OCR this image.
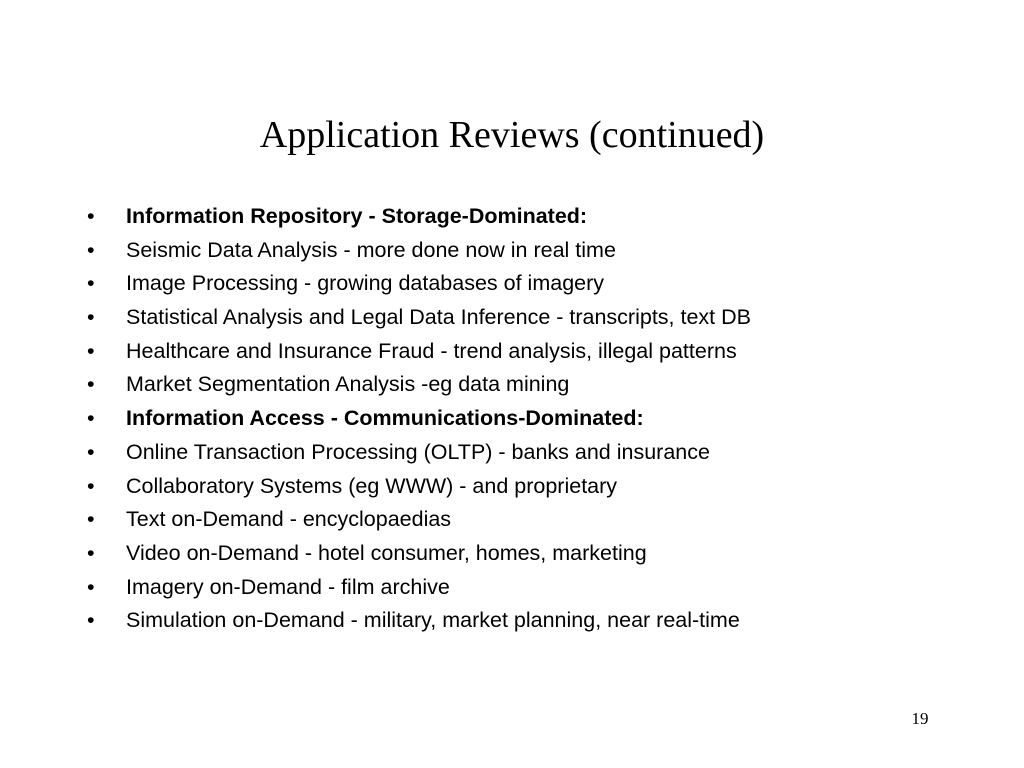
Application Reviews (continued)
• Information Repository - Storage-Dominated:
• Seismic Data Analysis - more done now in real time
• Image Processing - growing databases of imagery
• Statistical Analysis and Legal Data Inference - transcripts, text DB
• Healthcare and Insurance Fraud - trend analysis, illegal patterns
• Market Segmentation Analysis -eg data mining
• Information Access - Communications-Dominated:
• Online Transaction Processing (OLTP) - banks and insurance
• Collaboratory Systems (eg WWW) - and proprietary
• Text on-Demand - encyclopaedias
• Video on-Demand - hotel consumer, homes, marketing
• Imagery on-Demand - film archive
• Simulation on-Demand - military, market planning, near real-time
19
